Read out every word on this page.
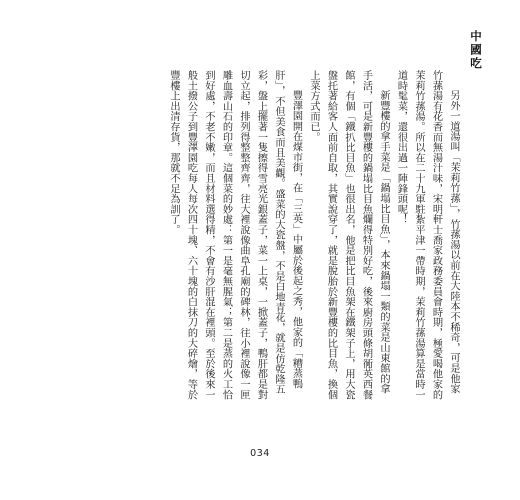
中國吃

另外一道湯叫「茉莉竹蓀」，竹蓀湯以前在大陸本不稀奇，可是他家竹蓀湯有花香而無湯汁味，宋明軒士喬家政務委員會時期，極愛喝他家的茉莉竹蓀湯。所以在二十九軍駐紮平津一帶時期，茉莉竹蓀湯算是當時一道時髦菜，還很出過一陣鋒頭呢！

新豐樓的拿手菜是「鍋塌比目魚」，本來鍋塌一類的菜是山東館的拿手活，可是新豐樓的鍋塌比目魚爛得特別好吃，後來廚房頭條胡衕英西餐館，有個「鐵扒比目魚」也很出名，他是把比目魚架在鐵架子上，用大瓷盤托著給客人面前自取，其實說穿了，就是脫胎於新豐樓的比目魚，換個上菜方式而已。

豐澤園開在煤市街，在「三英」中屬於後起之秀，他家的「糟蒸鴨肝」，不但美食而且美觀。盛菜的大瓷盤，不是白地青花，就是仿乾隆五彩，盤上擺著一隻擦得雪亮光銀蓋子，菜一上桌，一掀蓋子，鴨肝都是對切立起，排列得整整齊齊，往大裡說像曲阜孔廟的碑林，往小裡說像一匣雕血壽山石的印章。這個菜的妙處：第一是毫無腥氣；第二是蒸的火工恰到好處，不老不嫩，而且材料選得精，不會有沙肝混在裡頭。至於後來一般土撥公子到豐澤園吃每人每次四十塊、六十塊的白抹刀的大碎燴，等於豐樓上出清存貨，那就不足為訓了。

034
